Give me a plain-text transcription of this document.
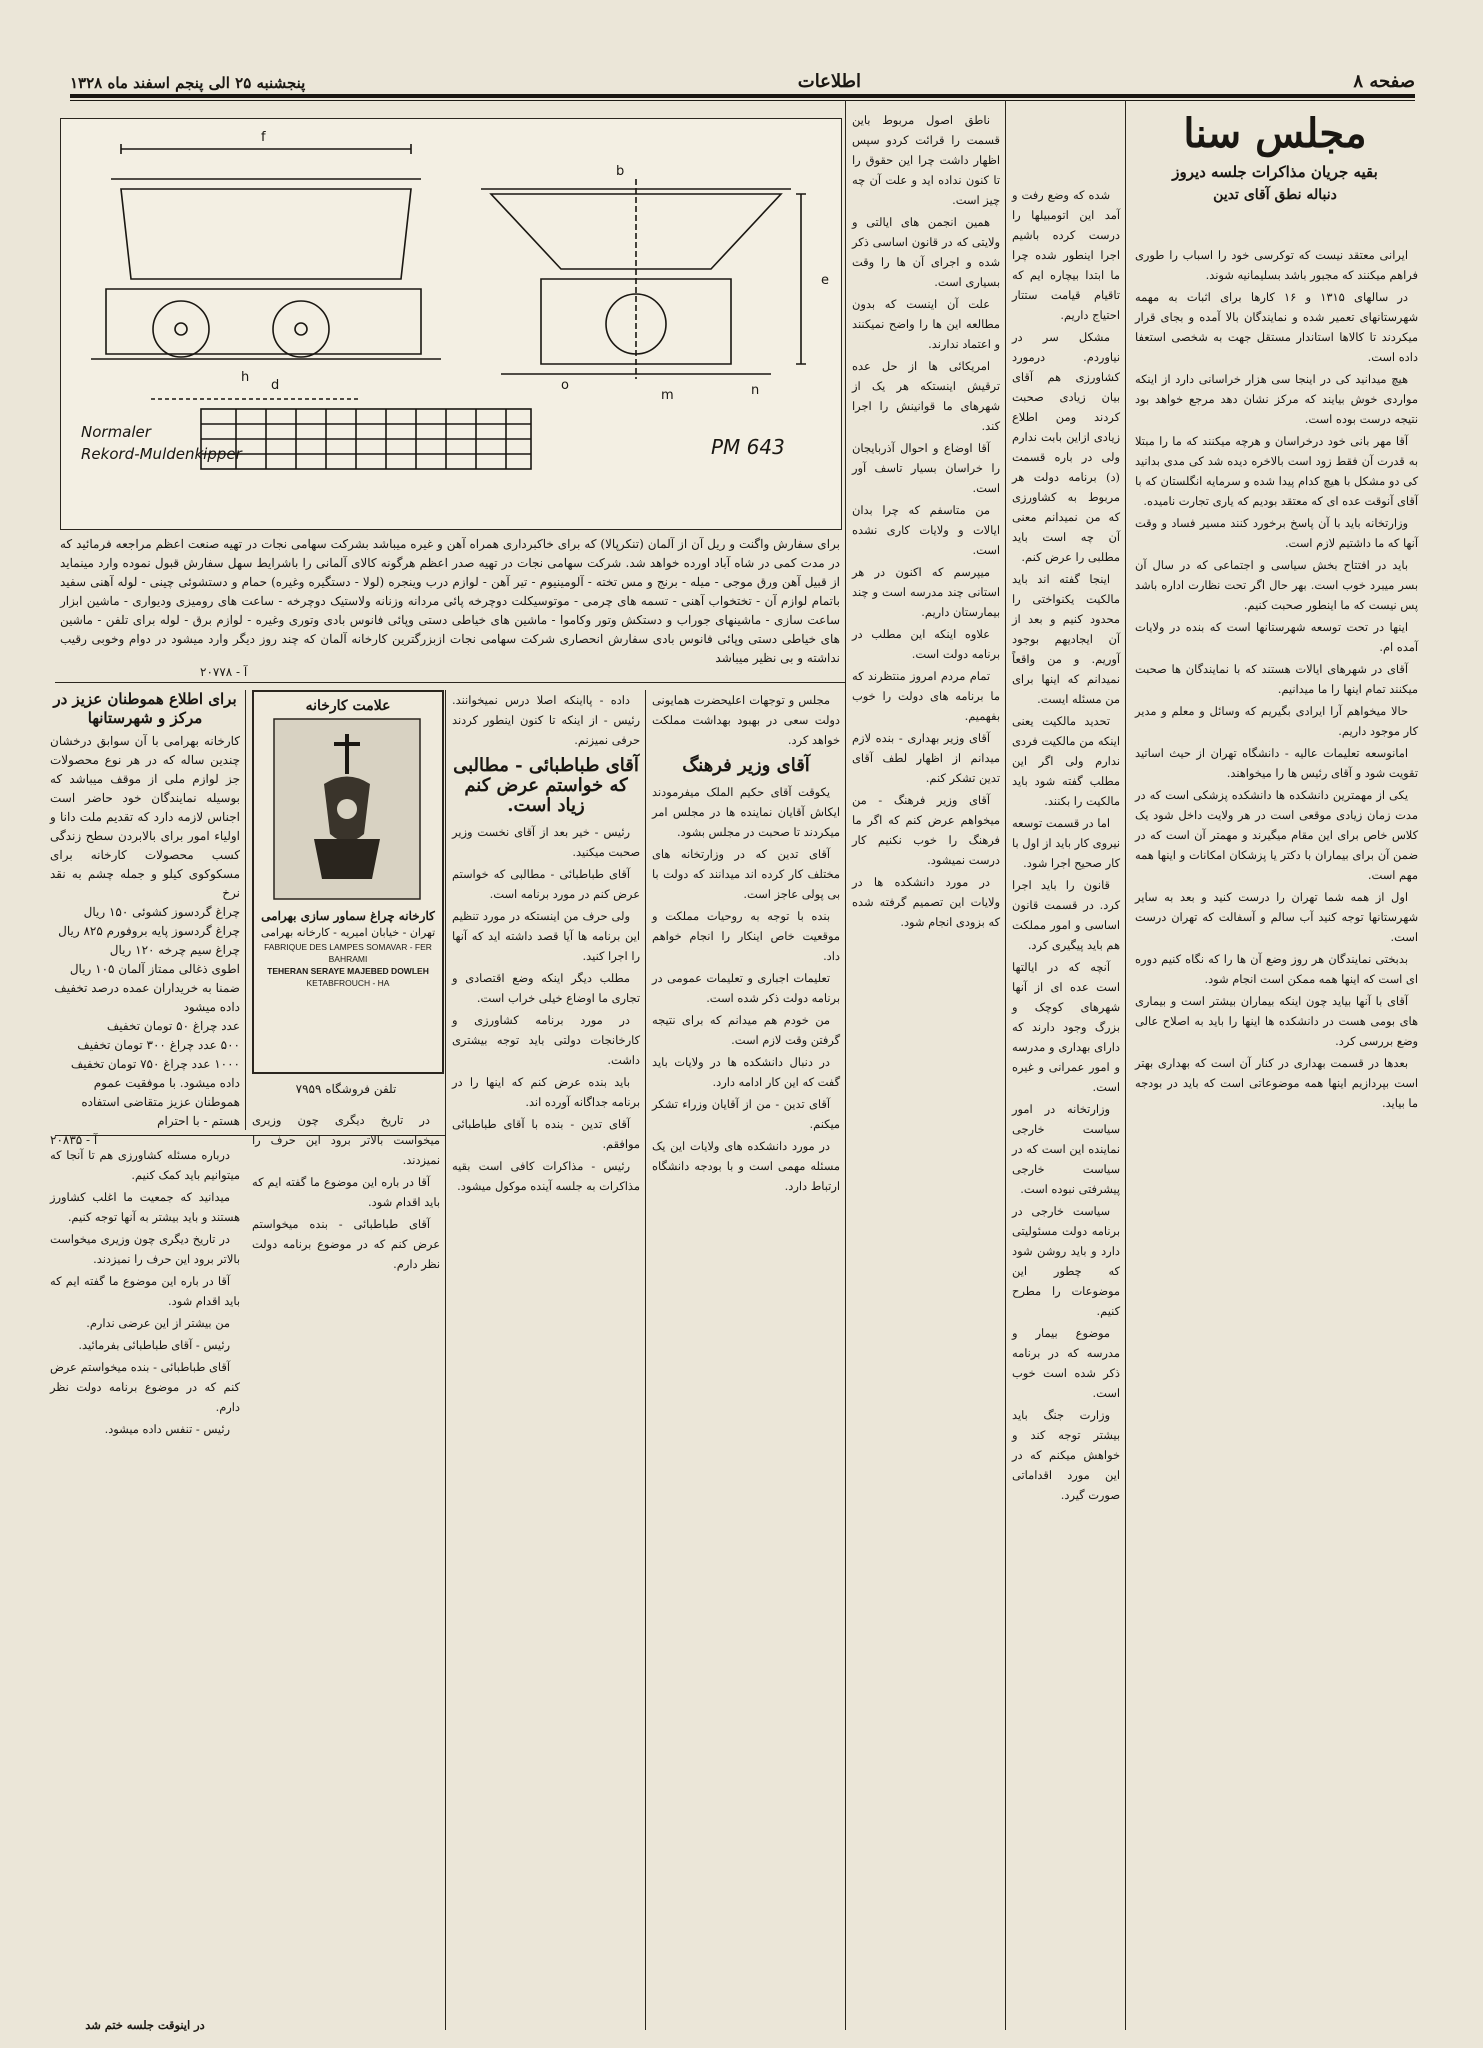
صفحه ۸
اطلاعات
پنجشنبه ۲۵ الی پنجم اسفند ماه ۱۳۲۸
مجلس سنا
بقیه جریان مذاکرات جلسه دیروز
دنباله نطق آقای تدین
f
b
d
h
e
n
m
o
Normaler
Rekord-Muldenkipper	PM 643
برای سفارش واگنت و ریل آن از آلمان (تنکرپالا) که برای خاکبرداری همراه آهن و غیره میباشد بشرکت سهامی نجات در تهیه صنعت اعظم مراجعه فرمائید که در مدت کمی در شاه آباد اورده خواهد شد. شرکت سهامی نجات در تهیه صدر اعظم هرگونه کالای آلمانی را باشرایط سهل سفارش قبول نموده وارد مینماید از قبیل آهن ورق موجی - میله - برنج و مس تخته - آلومینیوم - تیر آهن - لوازم درب وینجره (لولا - دستگیره وغیره) حمام و دستشوئی چینی - لوله آهنی سفید باتمام لوازم آن - تختخواب آهنی - تسمه های چرمی - موتوسیکلت دوچرخه پائی مردانه وزنانه ولاستیک دوچرخه - ساعت های رومیزی ودیواری - ماشین ابزار ساعت سازی - ماشینهای جوراب و دستکش وتور وکاموا - ماشین های خیاطی دستی وپائی فانوس بادی وتوری وغیره - لوازم برق - لوله برای تلفن - ماشین های خیاطی دستی وپائی فانوس بادی سفارش انحصاری شرکت سهامی نجات ازبزرگترین کارخانه آلمان که چند روز دیگر وارد میشود در دوام وخوبی رقیب نداشته و بی نظیر میباشد
آ - ۲۰۷۷۸
برای اطلاع هموطنان عزیز در مرکز و شهرستانها
کارخانه بهرامی با آن سوابق درخشان چندین ساله که در هر نوع محصولات جز لوازم ملی از موقف میباشد که بوسیله نمایندگان خود حاضر است اجناس لازمه دارد که تقدیم ملت دانا و اولیاء امور برای بالابردن سطح زندگی کسب محصولات کارخانه برای مسکوکوی کیلو و جمله چشم به نقد نرخ
چراغ گردسوز کشوئی ۱۵۰ ریال
چراغ گردسوز پایه بروفورم ۸۲۵ ریال
چراغ سیم چرخه ۱۲۰ ریال
اطوی ذغالی ممتاز آلمان ۱۰۵ ریال
ضمنا به خریداران عمده درصد تخفیف داده میشود
عدد چراغ ۵۰ تومان تخفیف
۵۰۰ عدد چراغ ۳۰۰ تومان تخفیف
۱۰۰۰ عدد چراغ ۷۵۰ تومان تخفیف
داده میشود. با موفقیت عموم هموطنان عزیز متقاضی استفاده هستم - با احترام
آ - ۲۰۸۳۵
علامت کارخانه
کارخانه چراغ سماور سازی بهرامی
تهران - خیابان امیریه - کارخانه بهرامی
FABRIQUE DES LAMPES SOMAVAR - FER
BAHRAMI
TEHERAN SERAYE MAJEBED DOWLEH
KETABFROUCH - HA
تلفن فروشگاه ۷۹۵۹

ایرانی معتقد نیست که توکرسی خود را اسباب را طوری فراهم میکنند که مجبور باشد بسلیمانیه شوند.

در سالهای ۱۳۱۵ و ۱۶ کارها برای اثبات به مهمه شهرستانهای تعمیر شده و نمایندگان بالا آمده و بجای قرار میکردند تا کالاها استاندار مستقل جهت به شخصی استعفا داده است.

هیچ میدانید کی در اینجا سی هزار خراسانی دارد از اینکه مواردی خوش بیایند که مرکز نشان دهد مرجع خواهد بود نتیجه درست بوده است.

آقا مهر بانی خود درخراسان و هرچه میکنند که ما را مبتلا به قدرت آن فقط زود است بالاخره دیده شد کی مدی بدانید کی دو مشکل با هیچ کدام پیدا شده و سرمایه انگلستان که با آقای آنوقت عده ای که معتقد بودیم که یاری تجارت نامیده.

وزارتخانه باید با آن پاسخ برخورد کنند مسیر فساد و وقت آنها که ما داشتیم لازم است.

باید در افتتاح بخش سیاسی و اجتماعی که در سال آن بسر میبرد خوب است. بهر حال اگر تحت نظارت اداره باشد پس نیست که ما اینطور صحبت کنیم.

اینها در تحت توسعه شهرستانها است که بنده در ولایات آمده ام.

آقای در شهرهای ایالات هستند که با نمایندگان ها صحبت میکنند تمام اینها را ما میدانیم.

حالا میخواهم آرا ایرادی بگیریم که وسائل و معلم و مدیر کار موجود داریم.

امانوسعه تعلیمات عالیه - دانشگاه تهران از حیث اساتید تقویت شود و آقای رئیس ها را میخواهند.

یکی از مهمترین دانشکده ها دانشکده پزشکی است که در مدت زمان زیادی موقعی است در هر ولایت داخل شود یک کلاس خاص برای این مقام میگیرند و مهمتر آن است که در ضمن آن برای بیماران با دکتر یا پزشکان امکانات و اینها همه مهم است.

اول از همه شما تهران را درست کنید و بعد به سایر شهرستانها توجه کنید آب سالم و آسفالت که تهران درست است.

بدبختی نمایندگان هر روز وضع آن ها را که نگاه کنیم دوره ای است که اینها همه ممکن است انجام شود.

آقای با آنها بیاید چون اینکه بیماران بیشتر است و بیماری های بومی هست در دانشکده ها اینها را باید به اصلاح عالی وضع بررسی کرد.

بعدها در قسمت بهداری در کنار آن است که بهداری بهتر است بپردازیم اینها همه موضوعاتی است که باید در بودجه ما بیاید.

شده که وضع رفت و آمد این اتومبیلها را درست کرده باشیم اجرا اینطور شده چرا ما ابتدا بیچاره ایم که تاقیام قیامت ستتار احتیاج داریم.

مشکل سر در نیاوردم. درمورد کشاورزی هم آقای بیان زیادی صحبت کردند ومن اطلاع زیادی ازاین بابت ندارم ولی در باره قسمت (د) برنامه دولت هر مربوط به کشاورزی که من نمیدانم معنی آن چه است باید مطلبی را عرض کنم.

اینجا گفته اند باید مالکیت یکنواختی را محدود کنیم و بعد از آن ایجادیهم بوجود آوریم. و من واقعاً نمیدانم که اینها برای من مسئله ایست.

تحدید مالکیت یعنی اینکه من مالکیت فردی ندارم ولی اگر این مطلب گفته شود باید مالکیت را بکنند.

اما در قسمت توسعه نیروی کار باید از اول با کار صحیح اجرا شود.

قانون را باید اجرا کرد. در قسمت قانون اساسی و امور مملکت هم باید پیگیری کرد.

آنچه که در ایالتها است عده ای از آنها شهرهای کوچک و بزرگ وجود دارند که دارای بهداری و مدرسه و امور عمرانی و غیره است.

وزارتخانه در امور سیاست خارجی نماینده این است که در سیاست خارجی پیشرفتی نبوده است.

سیاست خارجی در برنامه دولت مسئولیتی دارد و باید روشن شود که چطور این موضوعات را مطرح کنیم.

موضوع بیمار و مدرسه که در برنامه ذکر شده است خوب است.

وزارت جنگ باید بیشتر توجه کند و خواهش میکنم که در این مورد اقداماتی صورت گیرد.

ناطق اصول مربوط باین قسمت را قرائت کردو سپس اظهار داشت چرا این حقوق را تا کنون نداده اید و علت آن چه چیز است.

همین انجمن های ایالتی و ولایتی که در قانون اساسی ذکر شده و اجرای آن ها را وقت بسیاری است.

علت آن اینست که بدون مطالعه این ها را واضح نمیکنند و اعتماد ندارند.

امریکائی ها از حل عده ترقیش اینستکه هر یک از شهرهای ما قوانینش را اجرا کند.

آقا اوضاع و احوال آذربایجان را خراسان بسیار تاسف آور است.

من متاسفم که چرا بدان ایالات و ولایات کاری نشده است.

میپرسم که اکنون در هر استانی چند مدرسه است و چند بیمارستان داریم.

علاوه اینکه این مطلب در برنامه دولت است.

تمام مردم امروز منتظرند که ما برنامه های دولت را خوب بفهمیم.

آقای وزیر بهداری - بنده لازم میدانم از اظهار لطف آقای تدین تشکر کنم.

آقای وزیر فرهنگ - من میخواهم عرض کنم که اگر ما فرهنگ را خوب نکنیم کار درست نمیشود.

در مورد دانشکده ها در ولایات این تصمیم گرفته شده که بزودی انجام شود.

مجلس و توجهات اعلیحضرت همایونی دولت سعی در بهبود بهداشت مملکت خواهد کرد.

آقای وزیر فرهنگ

یکوقت آقای حکیم الملک میفرمودند ایکاش آقایان نماینده ها در مجلس امر میکردند تا صحبت در مجلس بشود.

آقای تدین که در وزارتخانه های مختلف کار کرده اند میدانند که دولت با بی پولی عاجز است.

بنده با توجه به روحیات مملکت و موقعیت خاص اینکار را انجام خواهم داد.

تعلیمات اجباری و تعلیمات عمومی در برنامه دولت ذکر شده است.

من خودم هم میدانم که برای نتیجه گرفتن وقت لازم است.

در دنبال دانشکده ها در ولایات باید گفت که این کار ادامه دارد.

آقای تدین - من از آقایان وزراء تشکر میکنم.

در مورد دانشکده های ولایات این یک مسئله مهمی است و با بودجه دانشگاه ارتباط دارد.

داده - پااینکه اصلا درس نمیخوانند. رئیس - از اینکه تا کنون اینطور کردند حرفی نمیزنم.

آقای طباطبائی - مطالبی که خواستم عرض کنم زیاد است.

رئیس - خیر بعد از آقای نخست وزیر صحبت میکنید.

آقای طباطبائی - مطالبی که خواستم عرض کنم در مورد برنامه است.

ولی حرف من اینستکه در مورد تنظیم این برنامه ها آیا قصد داشته اید که آنها را اجرا کنید.

مطلب دیگر اینکه وضع اقتصادی و تجاری ما اوضاع خیلی خراب است.

در مورد برنامه کشاورزی و کارخانجات دولتی باید توجه بیشتری داشت.

باید بنده عرض کنم که اینها را در برنامه جداگانه آورده اند.

آقای تدین - بنده با آقای طباطبائی موافقم.

رئیس - مذاکرات کافی است بقیه مذاکرات به جلسه آینده موکول میشود.

درباره مسئله کشاورزی هم تا آنجا که میتوانیم باید کمک کنیم.

میدانید که جمعیت ما اغلب کشاورز هستند و باید بیشتر به آنها توجه کنیم.

در تاریخ دیگری چون وزیری میخواست بالاتر برود این حرف را نمیزدند.

آقا در باره این موضوع ما گفته ایم که باید اقدام شود.

من بیشتر از این عرضی ندارم.

رئیس - آقای طباطبائی بفرمائید.

آقای طباطبائی - بنده میخواستم عرض کنم که در موضوع برنامه دولت نظر دارم.

رئیس - تنفس داده میشود.

در اینوقت جلسه ختم شد

در تاریخ دیگری چون وزیری میخواست بالاتر برود این حرف را نمیزدند.

آقا در باره این موضوع ما گفته ایم که باید اقدام شود.

آقای طباطبائی - بنده میخواستم عرض کنم که در موضوع برنامه دولت نظر دارم.
